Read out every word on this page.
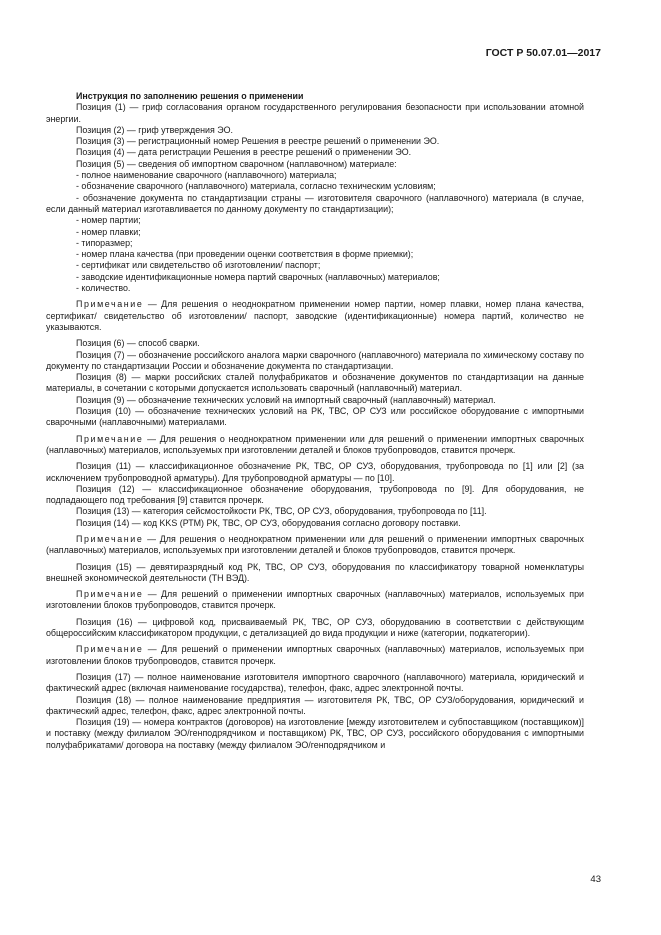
ГОСТ Р 50.07.01—2017

Инструкция по заполнению решения о применении

Позиция (1) — гриф согласования органом государственного регулирования безопасности при использовании атомной энергии.

Позиция (2) — гриф утверждения ЭО.

Позиция (3) — регистрационный номер Решения в реестре решений о применении ЭО.

Позиция (4) — дата регистрации Решения в реестре решений о применении ЭО.

Позиция (5) — сведения об импортном сварочном (наплавочном) материале:

- полное наименование сварочного (наплавочного) материала;

- обозначение сварочного (наплавочного) материала, согласно техническим условиям;

- обозначение документа по стандартизации страны — изготовителя сварочного (наплавочного) материала (в случае, если данный материал изготавливается по данному документу по стандартизации);

- номер партии;

- номер плавки;

- типоразмер;

- номер плана качества (при проведении оценки соответствия в форме приемки);

- сертификат или свидетельство об изготовлении/ паспорт;

- заводские идентификационные номера партий сварочных (наплавочных) материалов;

- количество.

Примечание — Для решения о неоднократном применении номер партии, номер плавки, номер плана качества, сертификат/ свидетельство об изготовлении/ паспорт, заводские (идентификационные) номера партий, количество не указываются.

Позиция (6) — способ сварки.

Позиция (7) — обозначение российского аналога марки сварочного (наплавочного) материала по химическому составу по документу по стандартизации России и обозначение документа по стандартизации.

Позиция (8) — марки российских сталей полуфабрикатов и обозначение документов по стандартизации на данные материалы, в сочетании с которыми допускается использовать сварочный (наплавочный) материал.

Позиция (9) — обозначение технических условий на импортный сварочный (наплавочный) материал.

Позиция (10) — обозначение технических условий на РК, ТВС, ОР СУЗ или российское оборудование с импортными сварочными (наплавочными) материалами.

Примечание — Для решения о неоднократном применении или для решений о применении импортных сварочных (наплавочных) материалов, используемых при изготовлении деталей и блоков трубопроводов, ставится прочерк.

Позиция (11) — классификационное обозначение РК, ТВС, ОР СУЗ, оборудования, трубопровода по [1] или [2] (за исключением трубопроводной арматуры). Для трубопроводной арматуры — по [10].

Позиция (12) — классификационное обозначение оборудования, трубопровода по [9]. Для оборудования, не подпадающего под требования [9] ставится прочерк.

Позиция (13) — категория сейсмостойкости РК, ТВС, ОР СУЗ, оборудования, трубопровода по [11].

Позиция (14) — код KKS (РТМ) РК, ТВС, ОР СУЗ, оборудования согласно договору поставки.

Примечание — Для решения о неоднократном применении или для решений о применении импортных сварочных (наплавочных) материалов, используемых при изготовлении деталей и блоков трубопроводов, ставится прочерк.

Позиция (15) — девятиразрядный код РК, ТВС, ОР СУЗ, оборудования по классификатору товарной номенклатуры внешней экономической деятельности (ТН ВЭД).

Примечание — Для решений о применении импортных сварочных (наплавочных) материалов, используемых при изготовлении блоков трубопроводов, ставится прочерк.

Позиция (16) — цифровой код, присваиваемый РК, ТВС, ОР СУЗ, оборудованию в соответствии с действующим общероссийским классификатором продукции, с детализацией до вида продукции и ниже (категории, подкатегории).

Примечание — Для решений о применении импортных сварочных (наплавочных) материалов, используемых при изготовлении блоков трубопроводов, ставится прочерк.

Позиция (17) — полное наименование изготовителя импортного сварочного (наплавочного) материала, юридический и фактический адрес (включая наименование государства), телефон, факс, адрес электронной почты.

Позиция (18) — полное наименование предприятия — изготовителя РК, ТВС, ОР СУЗ/оборудования, юридический и фактический адрес, телефон, факс, адрес электронной почты.

Позиция (19) — номера контрактов (договоров) на изготовление [между изготовителем и субпоставщиком (поставщиком)] и поставку (между филиалом ЭО/генподрядчиком и поставщиком) РК, ТВС, ОР СУЗ, российского оборудования с импортными полуфабрикатами/ договора на поставку (между филиалом ЭО/генподрядчиком и

43
